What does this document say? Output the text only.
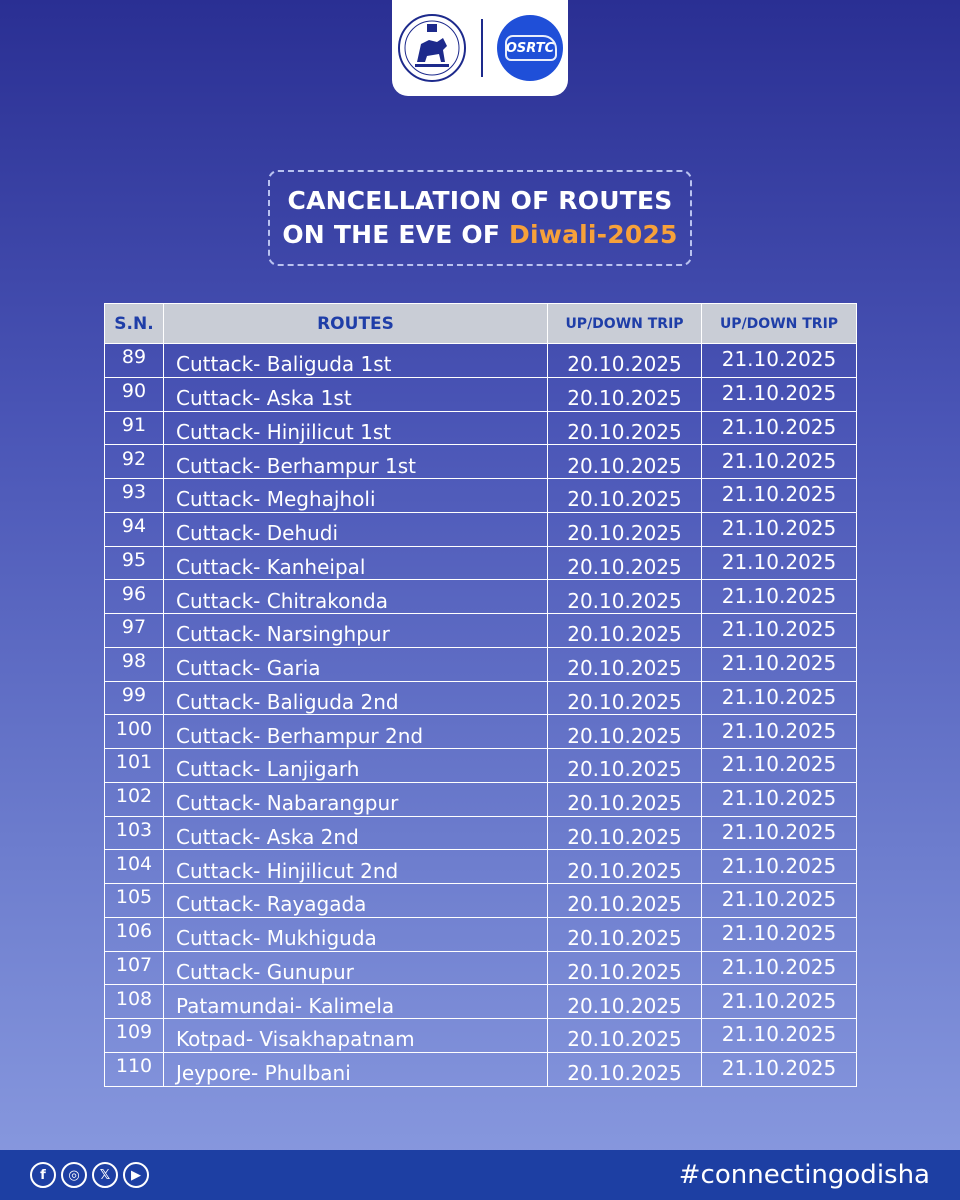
OSRTC
CANCELLATION OF ROUTES
ON THE EVE OF Diwali-2025
S.N.	ROUTES	UP/DOWN TRIP	UP/DOWN TRIP
89	Cuttack- Baliguda 1st	20.10.2025	21.10.2025
90	Cuttack- Aska 1st	20.10.2025	21.10.2025
91	Cuttack- Hinjilicut 1st	20.10.2025	21.10.2025
92	Cuttack- Berhampur 1st	20.10.2025	21.10.2025
93	Cuttack- Meghajholi	20.10.2025	21.10.2025
94	Cuttack- Dehudi	20.10.2025	21.10.2025
95	Cuttack- Kanheipal	20.10.2025	21.10.2025
96	Cuttack- Chitrakonda	20.10.2025	21.10.2025
97	Cuttack- Narsinghpur	20.10.2025	21.10.2025
98	Cuttack- Garia	20.10.2025	21.10.2025
99	Cuttack- Baliguda 2nd	20.10.2025	21.10.2025
100	Cuttack- Berhampur 2nd	20.10.2025	21.10.2025
101	Cuttack- Lanjigarh	20.10.2025	21.10.2025
102	Cuttack- Nabarangpur	20.10.2025	21.10.2025
103	Cuttack- Aska 2nd	20.10.2025	21.10.2025
104	Cuttack- Hinjilicut 2nd	20.10.2025	21.10.2025
105	Cuttack- Rayagada	20.10.2025	21.10.2025
106	Cuttack- Mukhiguda	20.10.2025	21.10.2025
107	Cuttack- Gunupur	20.10.2025	21.10.2025
108	Patamundai- Kalimela	20.10.2025	21.10.2025
109	Kotpad- Visakhapatnam	20.10.2025	21.10.2025
110	Jeypore- Phulbani	20.10.2025	21.10.2025
f	◎	𝕏	▶	#connectingodisha
